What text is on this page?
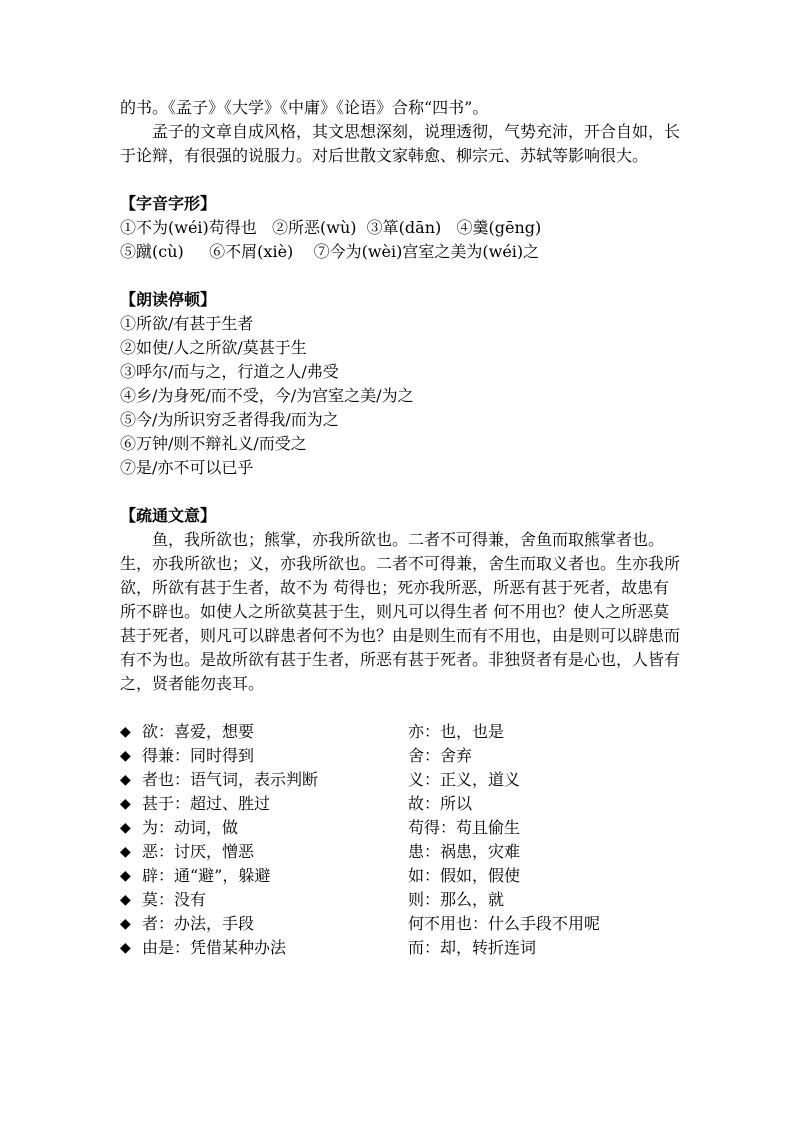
的书。《孟子》《大学》《中庸》《论语》合称“四书”。

孟子的文章自成风格，其文思想深刻，说理透彻，气势充沛，开合自如，长于论辩，有很强的说服力。对后世散文家韩愈、柳宗元、苏轼等影响很大。

【字音字形】

①不为(wéi)苟得也   ②所恶(wù)  ③箪(dān)   ④羹(gēng)

⑤蹴(cù)     ⑥不屑(xiè)    ⑦今为(wèi)宫室之美为(wéi)之

【朗读停顿】

①所欲/有甚于生者

②如使/人之所欲/莫甚于生

③呼尔/而与之，行道之人/弗受

④乡/为身死/而不受，今/为宫室之美/为之

⑤今/为所识穷乏者得我/而为之

⑥万钟/则不辩礼义/而受之

⑦是/亦不可以已乎

【疏通文意】

鱼，我所欲也；熊掌，亦我所欲也。二者不可得兼，舍鱼而取熊掌者也。生，亦我所欲也；义，亦我所欲也。二者不可得兼，舍生而取义者也。生亦我所欲，所欲有甚于生者，故不为 苟得也；死亦我所恶，所恶有甚于死者，故患有所不辟也。如使人之所欲莫甚于生，则凡可以得生者 何不用也？使人之所恶莫甚于死者，则凡可以辟患者何不为也？由是则生而有不用也，由是则可以辟患而有不为也。是故所欲有甚于生者，所恶有甚于死者。非独贤者有是心也，人皆有之，贤者能勿丧耳。

◆ 欲：喜爱，想要	亦：也，也是
◆ 得兼：同时得到	舍：舍弃
◆ 者也：语气词，表示判断	义：正义，道义
◆ 甚于：超过、胜过	故：所以
◆ 为：动词，做	苟得：苟且偷生
◆ 恶：讨厌，憎恶	患：祸患，灾难
◆ 辟：通“避”，躲避	如：假如，假使
◆ 莫：没有	则：那么，就
◆ 者：办法，手段	何不用也：什么手段不用呢
◆ 由是：凭借某种办法	而：却，转折连词
